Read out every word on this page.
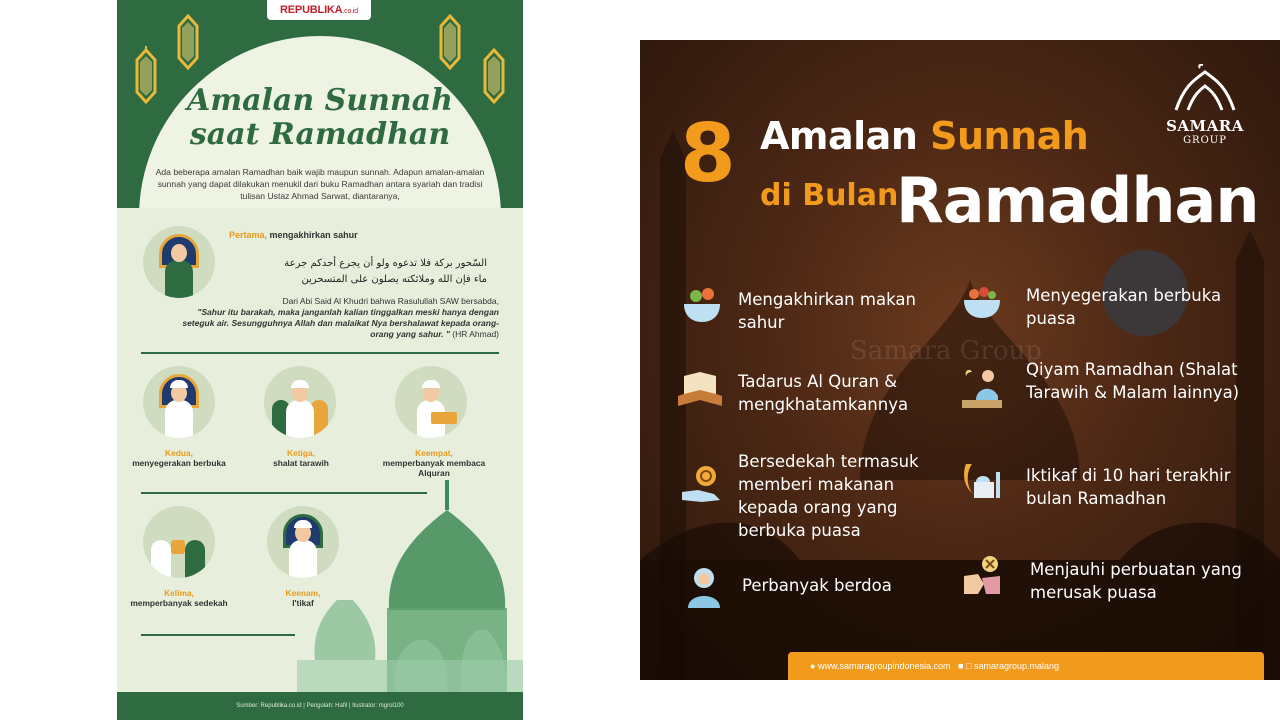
REPUBLIKA.co.id
Amalan Sunnah
saat Ramadhan
Ada beberapa amalan Ramadhan baik wajib maupun sunnah. Adapun amalan-amalan sunnah yang dapat dilakukan menukil dari buku Ramadhan antara syariah dan tradisi tulisan Ustaz Ahmad Sarwat, diantaranya,
Pertama, mengakhirkan sahur
السّحور بركة فلا تدعوه ولو أن يجرع أحدكم جرعة
ماء فإن الله وملائكته يصلون على المتسحرين
Dari Abi Said Al Khudri bahwa Rasulullah SAW bersabda,
"Sahur itu barakah, maka janganlah kalian tinggalkan meski hanya dengan seteguk air. Sesungguhnya Allah dan malaikat Nya bershalawat kepada orang-orang yang sahur. " (HR Ahmad)
Kedua,
menyegerakan berbuka
Ketiga,
shalat tarawih
Keempat,
memperbanyak membaca Alquran
Kelima,
memperbanyak sedekah
Keenam,
I'tikaf
Sumber: Republika.co.id | Pengolah: Hafil | Ilustrator: mgrol100
Samara Group
SAMARA
GROUP
8 Amalan Sunnah
di Bulan
Ramadhan
Mengakhirkan makan sahur
Tadarus Al Quran & mengkhatamkannya
Bersedekah termasuk memberi makanan kepada orang yang berbuka puasa
Perbanyak berdoa
Menyegerakan berbuka puasa
Qiyam Ramadhan (Shalat Tarawih & Malam lainnya)
Iktikaf di 10 hari terakhir bulan Ramadhan
Menjauhi perbuatan yang merusak puasa
● www.samaragroupindonesia.com ■ □ samaragroup.malang
